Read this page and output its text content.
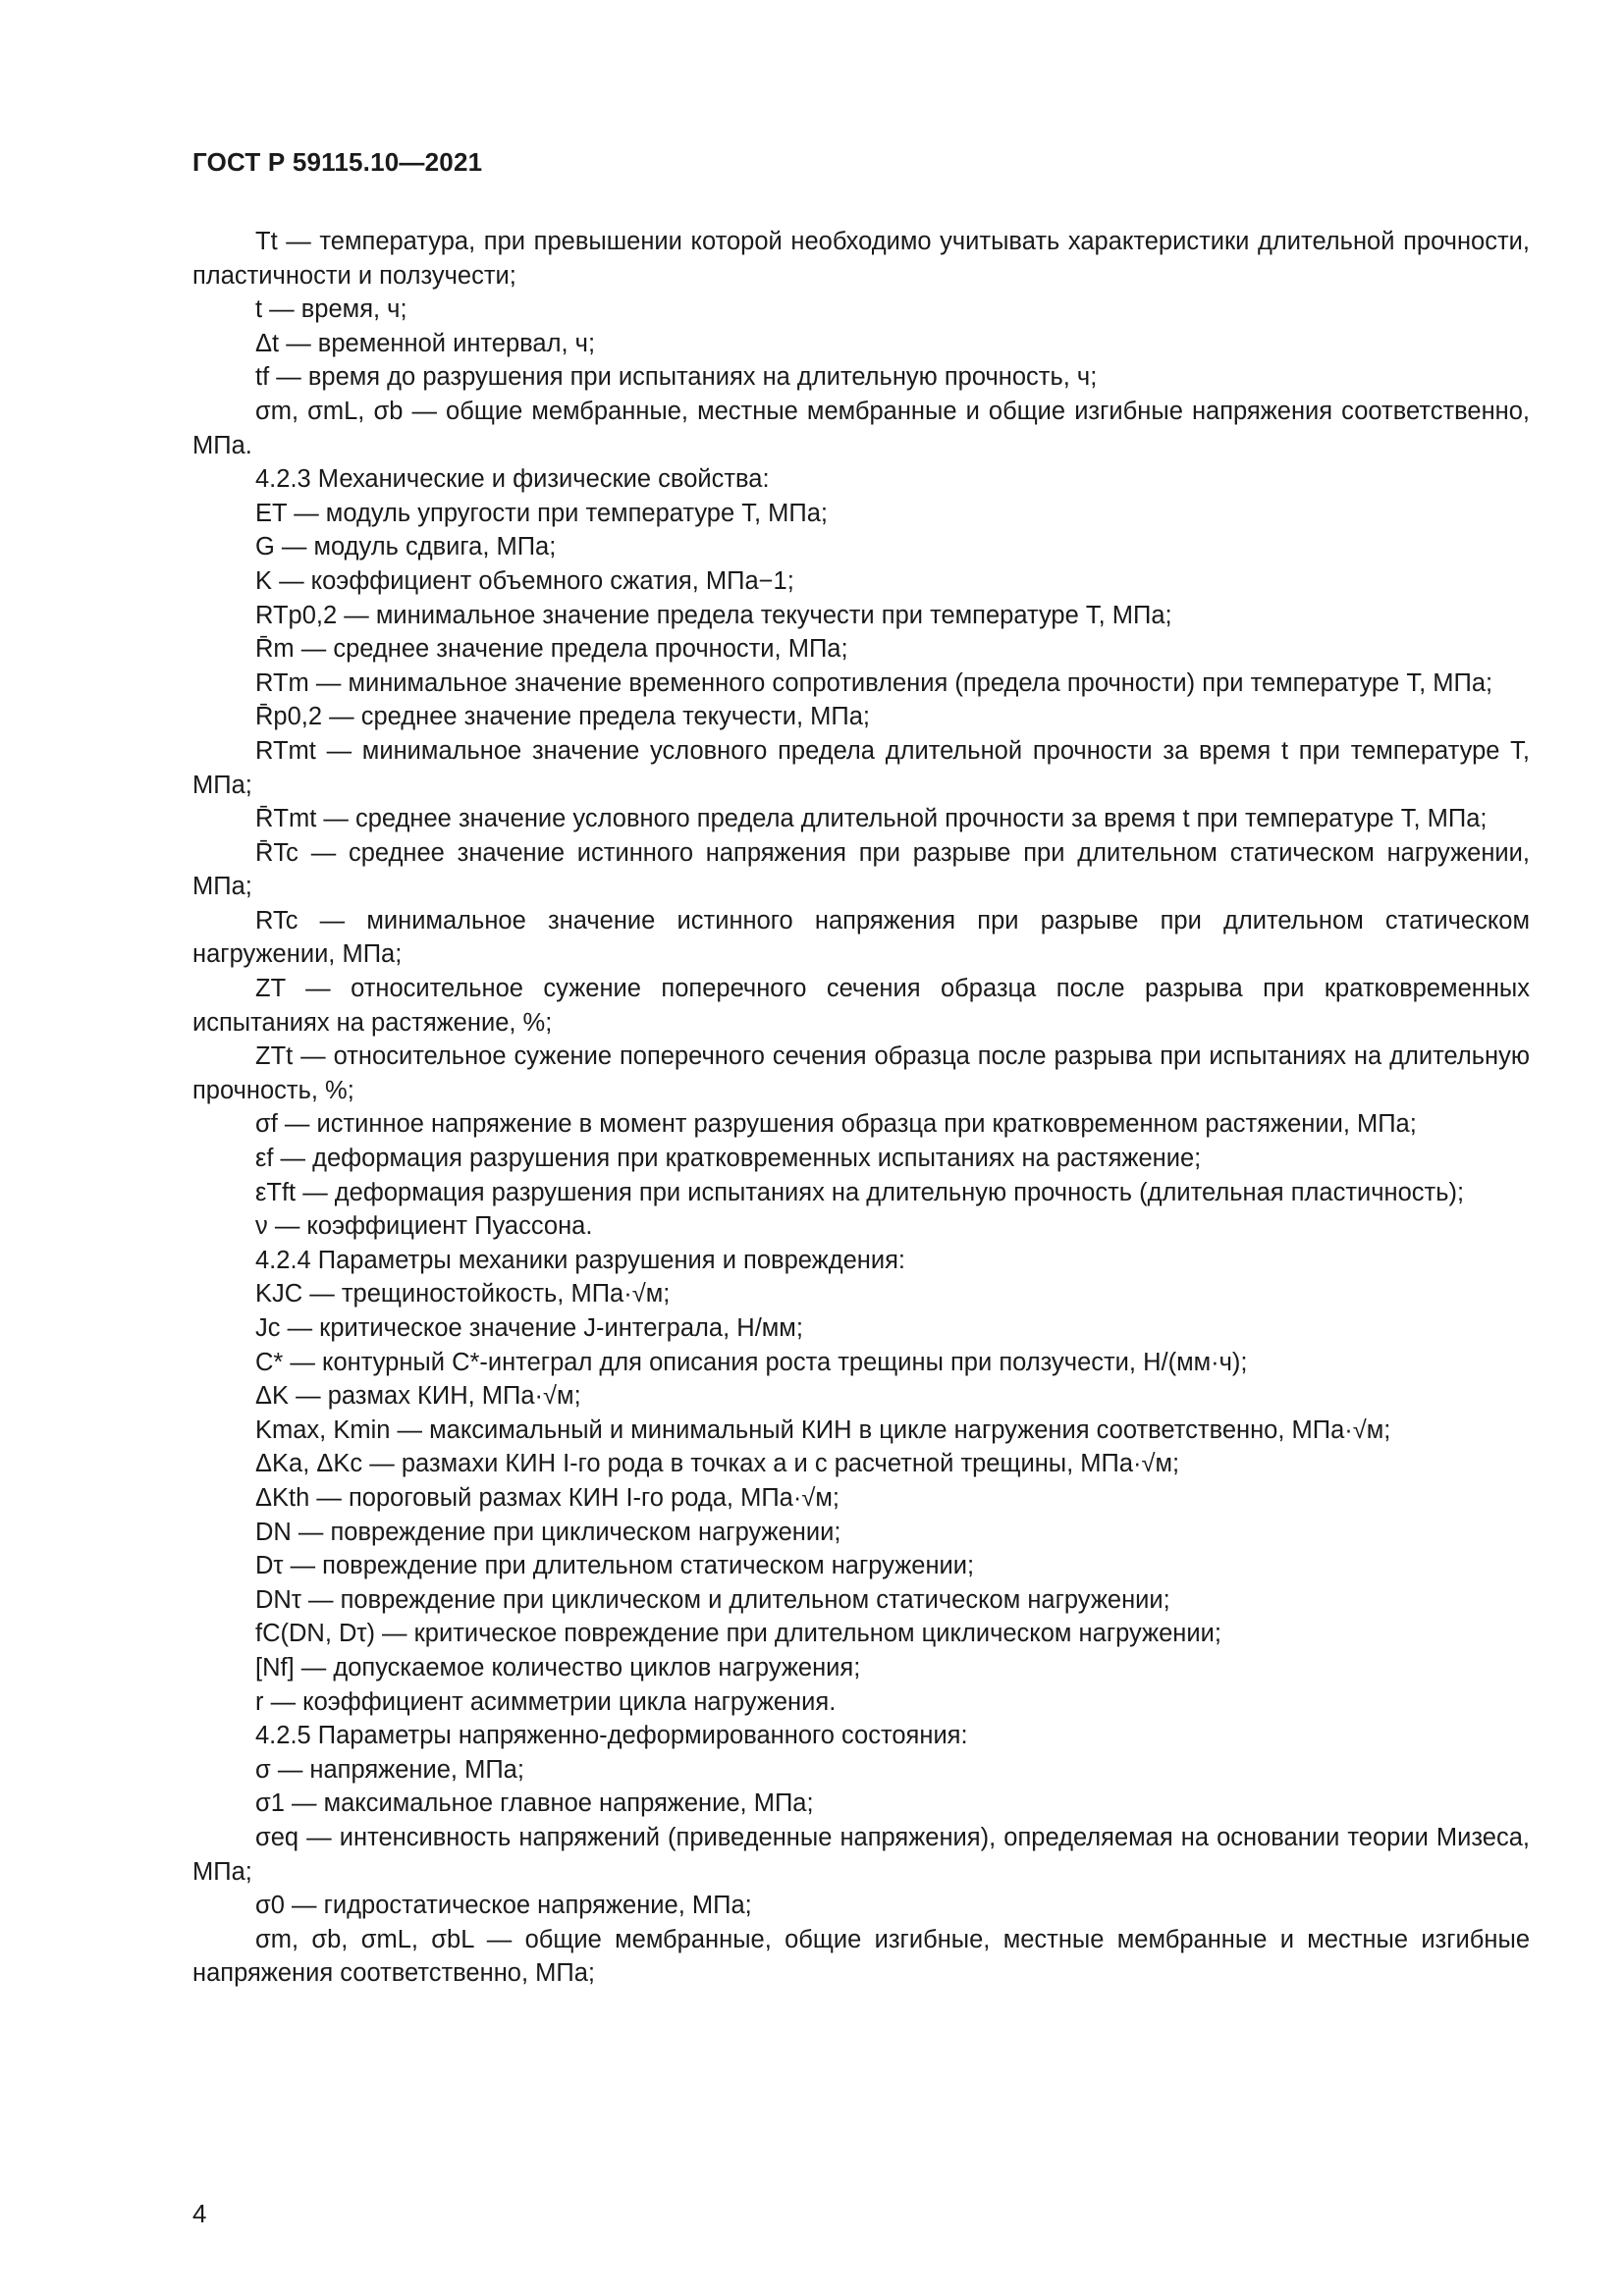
ГОСТ Р 59115.10—2021

Tt — температура, при превышении которой необходимо учитывать характеристики длительной прочности, пластичности и ползучести;

t — время, ч;

Δt — временной интервал, ч;

tf — время до разрушения при испытаниях на длительную прочность, ч;

σm, σmL, σb — общие мембранные, местные мембранные и общие изгибные напряжения соответственно, МПа.

4.2.3 Механические и физические свойства:

ET — модуль упругости при температуре T, МПа;

G — модуль сдвига, МПа;

K — коэффициент объемного сжатия, МПа−1;

RTp0,2 — минимальное значение предела текучести при температуре T, МПа;

R̄m — среднее значение предела прочности, МПа;

RTm — минимальное значение временного сопротивления (предела прочности) при температуре T, МПа;

R̄p0,2 — среднее значение предела текучести, МПа;

RTmt — минимальное значение условного предела длительной прочности за время t при температуре T, МПа;

R̄Tmt — среднее значение условного предела длительной прочности за время t при температуре T, МПа;

R̄Tc — среднее значение истинного напряжения при разрыве при длительном статическом нагружении, МПа;

RTc — минимальное значение истинного напряжения при разрыве при длительном статическом нагружении, МПа;

ZT — относительное сужение поперечного сечения образца после разрыва при кратковременных испытаниях на растяжение, %;

ZTt — относительное сужение поперечного сечения образца после разрыва при испытаниях на длительную прочность, %;

σf — истинное напряжение в момент разрушения образца при кратковременном растяжении, МПа;

εf — деформация разрушения при кратковременных испытаниях на растяжение;

εTft — деформация разрушения при испытаниях на длительную прочность (длительная пластичность);

ν — коэффициент Пуассона.

4.2.4 Параметры механики разрушения и повреждения:

KJC — трещиностойкость, МПа·√м;

Jc — критическое значение J-интеграла, Н/мм;

C* — контурный C*-интеграл для описания роста трещины при ползучести, Н/(мм·ч);

ΔK — размах КИН, МПа·√м;

Kmax, Kmin — максимальный и минимальный КИН в цикле нагружения соответственно, МПа·√м;

ΔKa, ΔKc — размахи КИН I-го рода в точках a и c расчетной трещины, МПа·√м;

ΔKth — пороговый размах КИН I-го рода, МПа·√м;

DN — повреждение при циклическом нагружении;

Dτ — повреждение при длительном статическом нагружении;

DNτ — повреждение при циклическом и длительном статическом нагружении;

fC(DN, Dτ) — критическое повреждение при длительном циклическом нагружении;

[Nf] — допускаемое количество циклов нагружения;

r — коэффициент асимметрии цикла нагружения.

4.2.5 Параметры напряженно-деформированного состояния:

σ — напряжение, МПа;

σ1 — максимальное главное напряжение, МПа;

σeq — интенсивность напряжений (приведенные напряжения), определяемая на основании теории Мизеса, МПа;

σ0 — гидростатическое напряжение, МПа;

σm, σb, σmL, σbL — общие мембранные, общие изгибные, местные мембранные и местные изгибные напряжения соответственно, МПа;

4
